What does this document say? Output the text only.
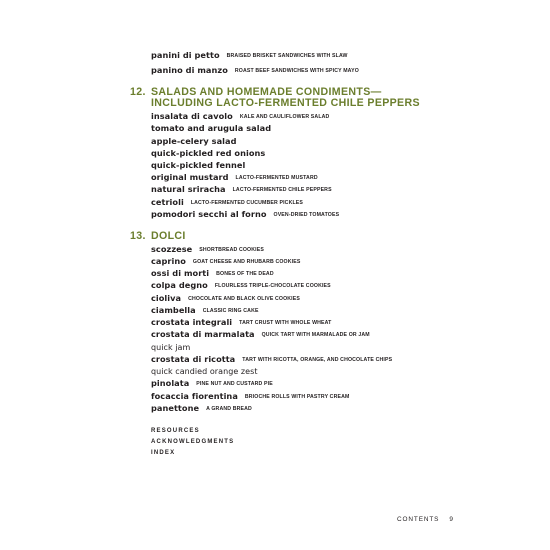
panini di petto BRAISED BRISKET SANDWICHES WITH SLAW
panino di manzo ROAST BEEF SANDWICHES WITH SPICY MAYO
12. SALADS AND HOMEMADE CONDIMENTS—
INCLUDING LACTO-FERMENTED CHILE PEPPERS
insalata di cavolo KALE AND CAULIFLOWER SALAD
tomato and arugula salad
apple-celery salad
quick-pickled red onions
quick-pickled fennel
original mustard LACTO-FERMENTED MUSTARD
natural sriracha LACTO-FERMENTED CHILE PEPPERS
cetrioli LACTO-FERMENTED CUCUMBER PICKLES
pomodori secchi al forno OVEN-DRIED TOMATOES
13. DOLCI
scozzese SHORTBREAD COOKIES
caprino GOAT CHEESE AND RHUBARB COOKIES
ossi di morti BONES OF THE DEAD
colpa degno FLOURLESS TRIPLE-CHOCOLATE COOKIES
cioliva CHOCOLATE AND BLACK OLIVE COOKIES
ciambella CLASSIC RING CAKE
crostata integrali TART CRUST WITH WHOLE WHEAT
crostata di marmalata QUICK TART WITH MARMALADE OR JAM
quick jam
crostata di ricotta TART WITH RICOTTA, ORANGE, AND CHOCOLATE CHIPS
quick candied orange zest
pinolata PINE NUT AND CUSTARD PIE
focaccia fiorentina BRIOCHE ROLLS WITH PASTRY CREAM
panettone A GRAND BREAD
RESOURCES
ACKNOWLEDGMENTS
INDEX
CONTENTS 9
